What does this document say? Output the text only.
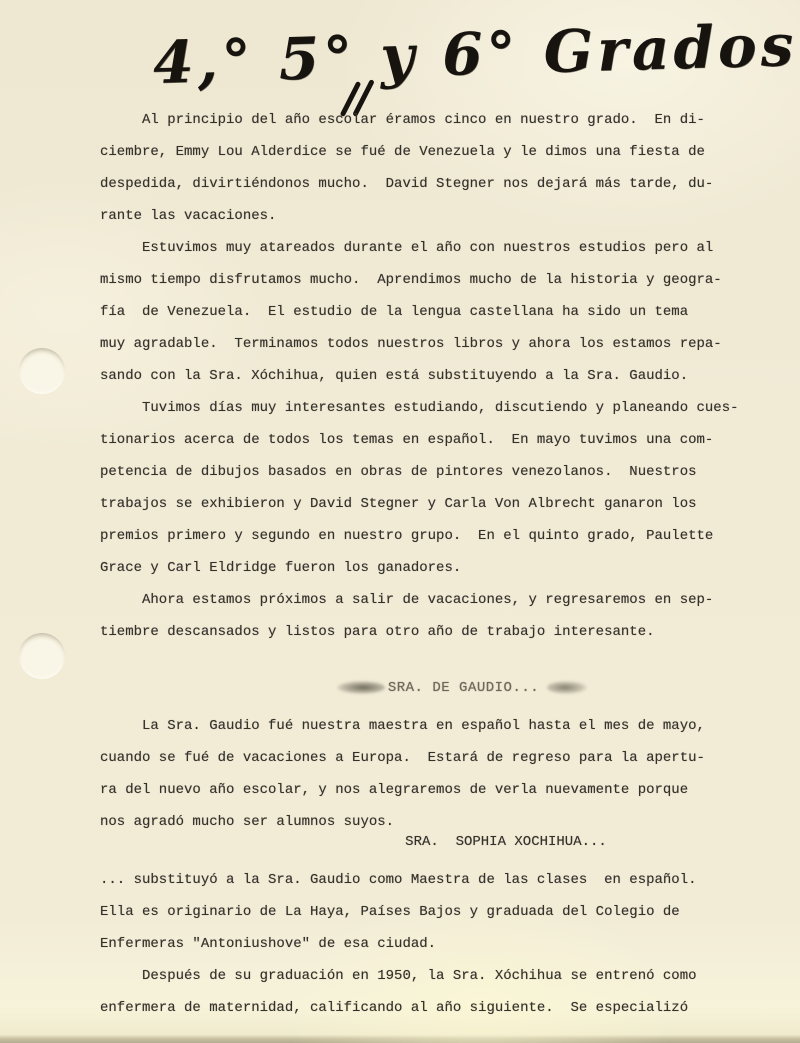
4,° 5° y 6° Grados
Al principio del año escolar éramos cinco en nuestro grado.  En di-
ciembre, Emmy Lou Alderdice se fué de Venezuela y le dimos una fiesta de
despedida, divirtiéndonos mucho.  David Stegner nos dejará más tarde, du-
rante las vacaciones.
Estuvimos muy atareados durante el año con nuestros estudios pero al
mismo tiempo disfrutamos mucho.  Aprendimos mucho de la historia y geogra-
fía  de Venezuela.  El estudio de la lengua castellana ha sido un tema
muy agradable.  Terminamos todos nuestros libros y ahora los estamos repa-
sando con la Sra. Xóchihua, quien está substituyendo a la Sra. Gaudio.
Tuvimos días muy interesantes estudiando, discutiendo y planeando cues-
tionarios acerca de todos los temas en español.  En mayo tuvimos una com-
petencia de dibujos basados en obras de pintores venezolanos.  Nuestros
trabajos se exhibieron y David Stegner y Carla Von Albrecht ganaron los
premios primero y segundo en nuestro grupo.  En el quinto grado, Paulette
Grace y Carl Eldridge fueron los ganadores.
Ahora estamos próximos a salir de vacaciones, y regresaremos en sep-
tiembre descansados y listos para otro año de trabajo interesante.
SRA. DE GAUDIO...
La Sra. Gaudio fué nuestra maestra en español hasta el mes de mayo,
cuando se fué de vacaciones a Europa.  Estará de regreso para la apertu-
ra del nuevo año escolar, y nos alegraremos de verla nuevamente porque
nos agradó mucho ser alumnos suyos.
SRA.  SOPHIA XOCHIHUA...
... substituyó a la Sra. Gaudio como Maestra de las clases  en español.
Ella es originario de La Haya, Países Bajos y graduada del Colegio de
Enfermeras "Antoniushove" de esa ciudad.
Después de su graduación en 1950, la Sra. Xóchihua se entrenó como
enfermera de maternidad, calificando al año siguiente.  Se especializó
